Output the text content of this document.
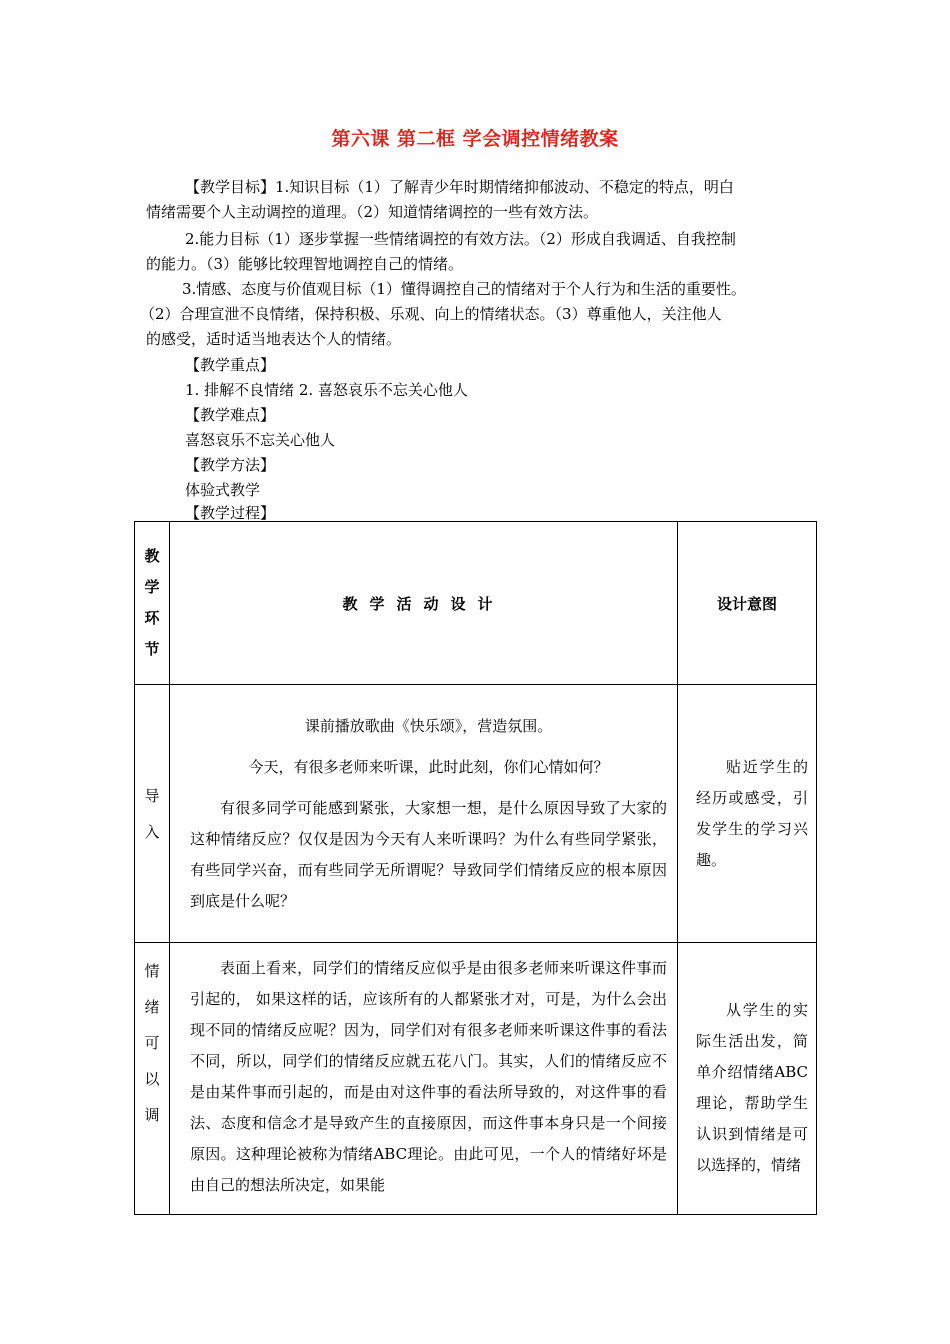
第六课 第二框 学会调控情绪教案
【教学目标】1.知识目标（1）了解青少年时期情绪抑郁波动、不稳定的特点，明白
情绪需要个人主动调控的道理。（2）知道情绪调控的一些有效方法。
2.能力目标（1）逐步掌握一些情绪调控的有效方法。（2）形成自我调适、自我控制
的能力。（3）能够比较理智地调控自己的情绪。
3.情感、态度与价值观目标（1）懂得调控自己的情绪对于个人行为和生活的重要性。
（2）合理宣泄不良情绪，保持积极、乐观、向上的情绪状态。（3）尊重他人，关注他人
的感受，适时适当地表达个人的情绪。
【教学重点】
1. 排解不良情绪 2. 喜怒哀乐不忘关心他人
【教学难点】
喜怒哀乐不忘关心他人
【教学方法】
体验式教学
【教学过程】
教学环节	教学活动设计	设计意图
导入	课前播放歌曲《快乐颂》，营造氛围。
今天，有很多老师来听课，此时此刻，你们心情如何？
有很多同学可能感到紧张，大家想一想，是什么原因导致了大家的这种情绪反应？仅仅是因为今天有人来听课吗？为什么有些同学紧张，有些同学兴奋，而有些同学无所谓呢？导致同学们情绪反应的根本原因到底是什么呢？	贴近学生的经历或感受，引发学生的学习兴趣。

情绪可以调	表面上看来，同学们的情绪反应似乎是由很多老师来听课这件事而引起的， 如果这样的话，应该所有的人都紧张才对，可是，为什么会出现不同的情绪反应呢？因为，同学们对有很多老师来听课这件事的看法不同，所以，同学们的情绪反应就五花八门。其实，人们的情绪反应不是由某件事而引起的，而是由对这件事的看法所导致的，对这件事的看法、态度和信念才是导致产生的直接原因，而这件事本身只是一个间接原因。这种理论被称为情绪ABC理论。由此可见，一个人的情绪好坏是由自己的想法所决定，如果能	从学生的实际生活出发，简单介绍情绪ABC理论，帮助学生认识到情绪是可以选择的，情绪
